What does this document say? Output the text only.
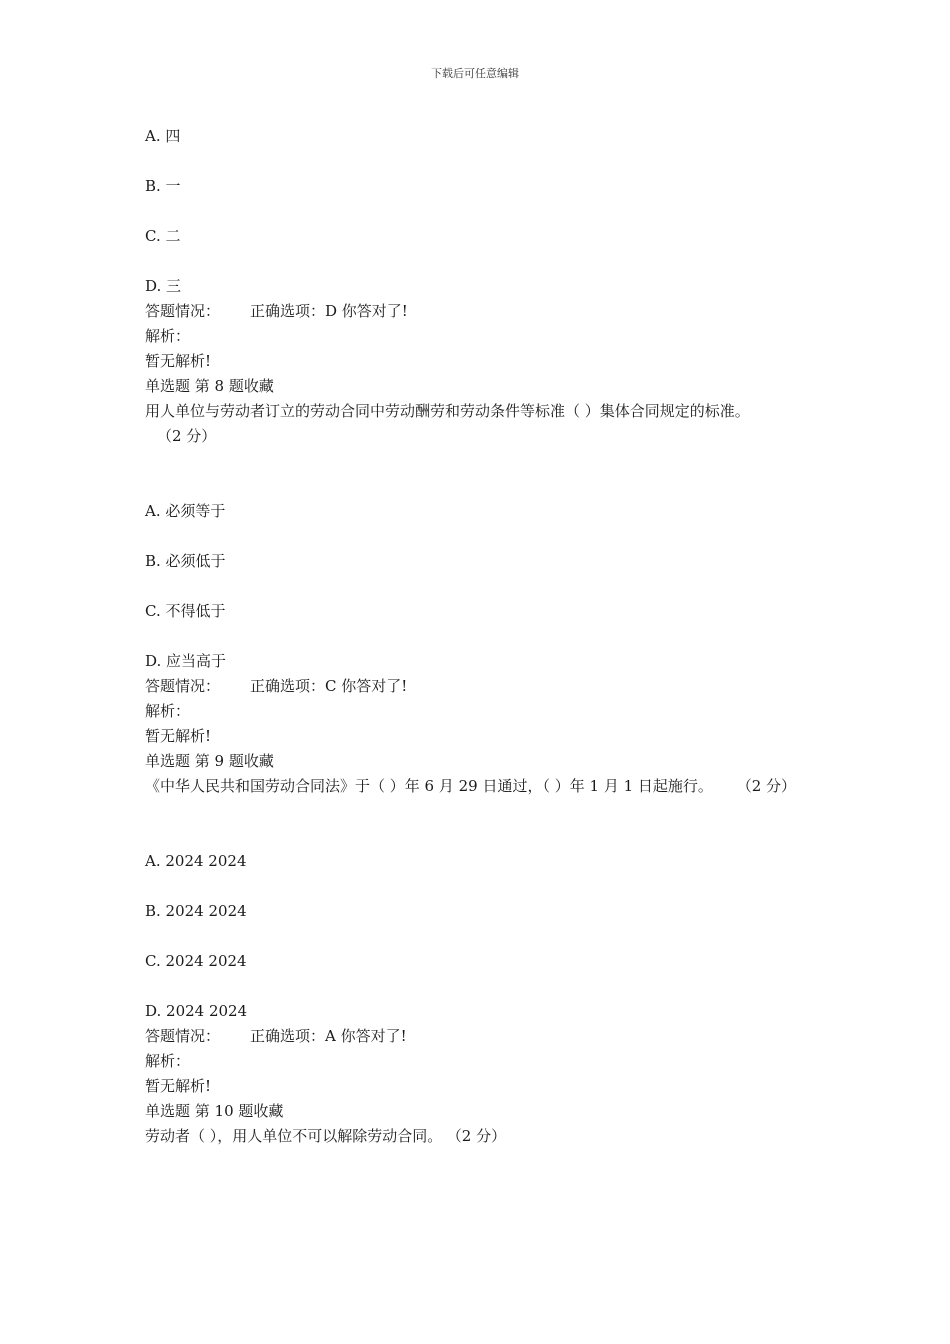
下载后可任意编辑

A. 四

B. 一

C. 二

D. 三

答题情况： 正确选项：D 你答对了!

解析：

暂无解析!

单选题 第 8 题收藏

用人单位与劳动者订立的劳动合同中劳动酬劳和劳动条件等标准（ ）集体合同规定的标准。
（2 分）

A. 必须等于

B. 必须低于

C. 不得低于

D. 应当高于

答题情况： 正确选项：C 你答对了!

解析：

暂无解析!

单选题 第 9 题收藏

《中华人民共和国劳动合同法》于（ ）年 6 月 29 日通过，（ ）年 1 月 1 日起施行。 （2 分）

A. 2024 2024

B. 2024 2024

C. 2024 2024

D. 2024 2024

答题情况： 正确选项：A 你答对了!

解析：

暂无解析!

单选题 第 10 题收藏

劳动者（ ），用人单位不可以解除劳动合同。 （2 分）
